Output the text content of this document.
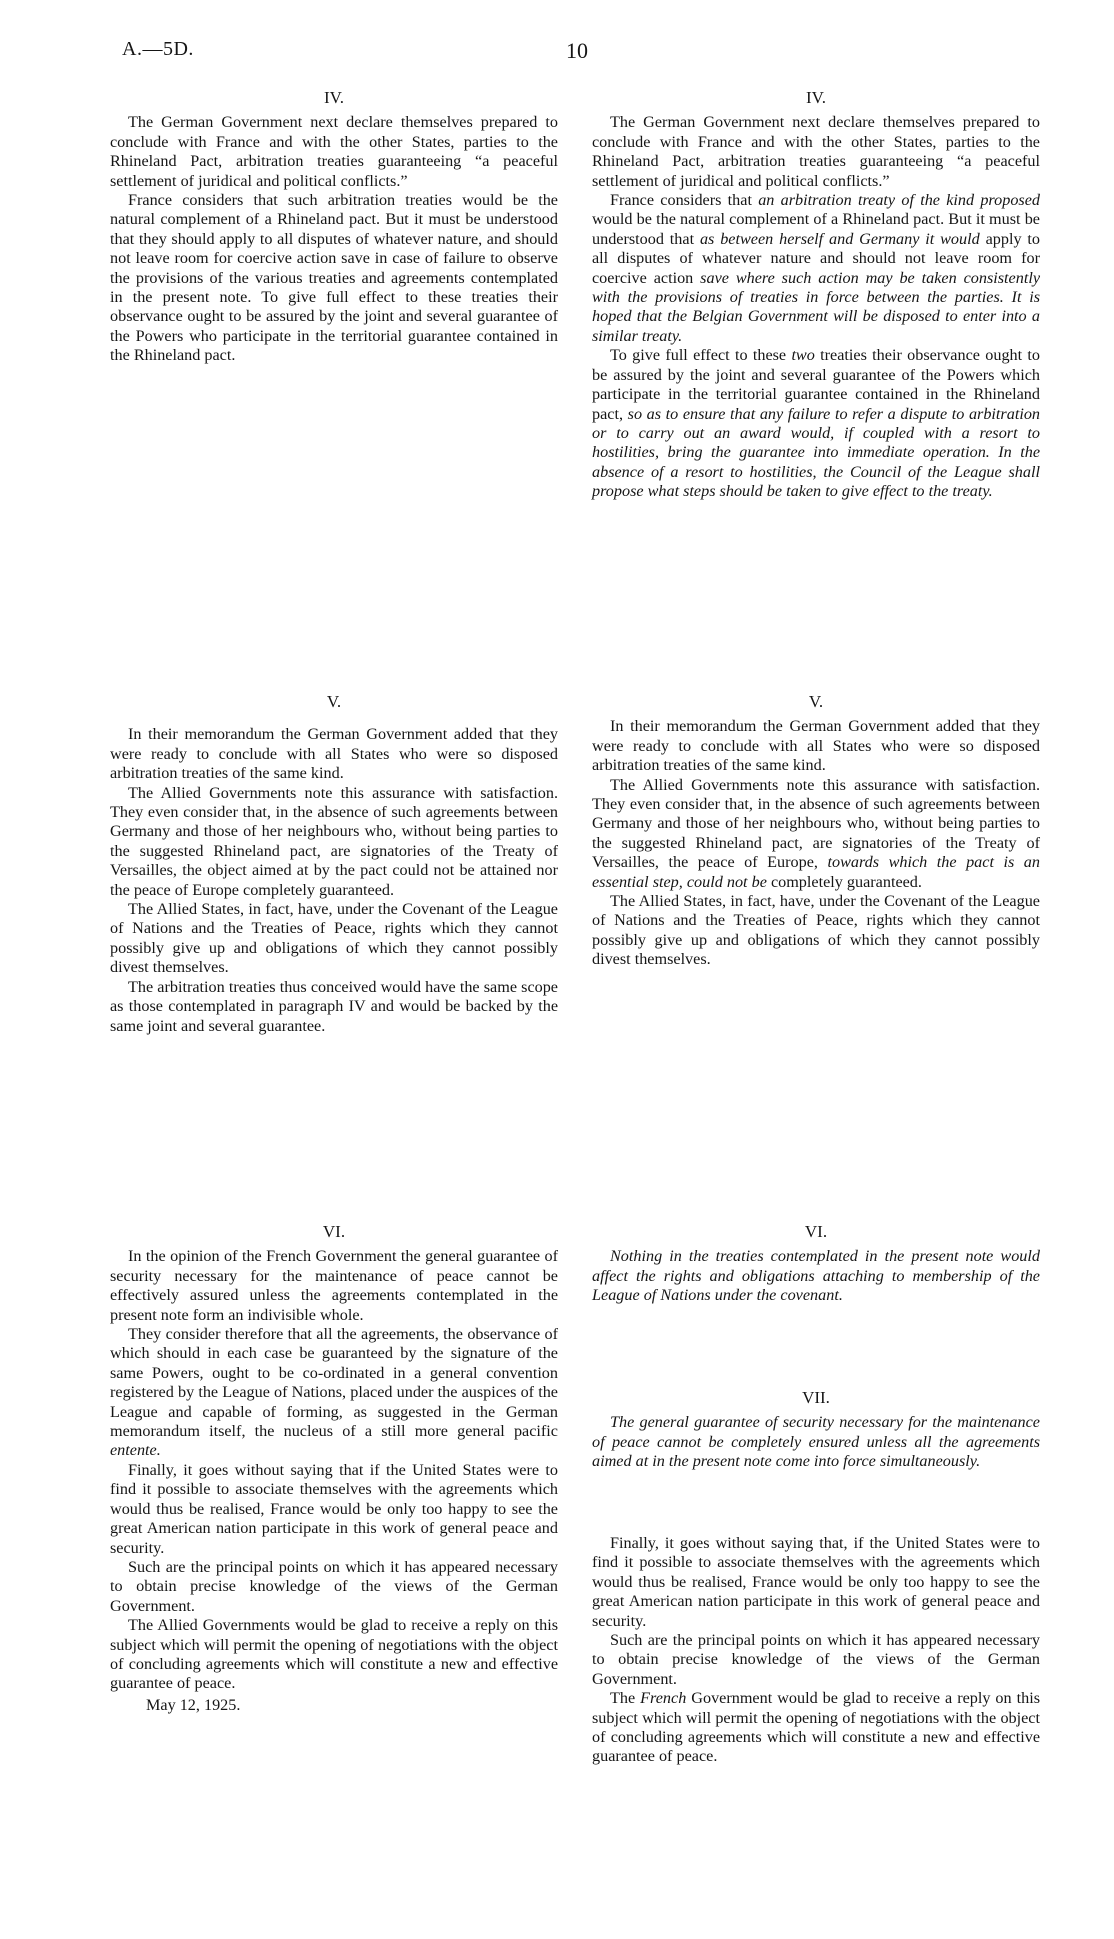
A.—5D.	10
IV.

The German Government next declare themselves prepared to conclude with France and with the other States, parties to the Rhineland Pact, arbitration treaties guaranteeing “a peaceful settlement of juridical and political conflicts.”

France considers that such arbitration treaties would be the natural complement of a Rhineland pact. But it must be understood that they should apply to all disputes of whatever nature, and should not leave room for coercive action save in case of failure to observe the provisions of the various treaties and agreements contemplated in the present note. To give full effect to these treaties their observance ought to be assured by the joint and several guarantee of the Powers who participate in the territorial guarantee contained in the Rhineland pact.

V.

In their memorandum the German Government added that they were ready to conclude with all States who were so disposed arbitration treaties of the same kind.

The Allied Governments note this assurance with satisfaction. They even consider that, in the absence of such agreements between Germany and those of her neighbours who, without being parties to the suggested Rhineland pact, are signatories of the Treaty of Versailles, the object aimed at by the pact could not be attained nor the peace of Europe completely guaranteed.

The Allied States, in fact, have, under the Covenant of the League of Nations and the Treaties of Peace, rights which they cannot possibly give up and obligations of which they cannot possibly divest themselves.

The arbitration treaties thus conceived would have the same scope as those contemplated in paragraph IV and would be backed by the same joint and several guarantee.

VI.

In the opinion of the French Government the general guarantee of security necessary for the maintenance of peace cannot be effectively assured unless the agreements contemplated in the present note form an indivisible whole.

They consider therefore that all the agreements, the observance of which should in each case be guaranteed by the signature of the same Powers, ought to be co-ordinated in a general convention registered by the League of Nations, placed under the auspices of the League and capable of forming, as suggested in the German memorandum itself, the nucleus of a still more general pacific entente.

Finally, it goes without saying that if the United States were to find it possible to associate themselves with the agreements which would thus be realised, France would be only too happy to see the great American nation participate in this work of general peace and security.

Such are the principal points on which it has appeared necessary to obtain precise knowledge of the views of the German Government.

The Allied Governments would be glad to receive a reply on this subject which will permit the opening of negotiations with the object of concluding agreements which will constitute a new and effective guarantee of peace.

May 12, 1925.

IV.

The German Government next declare themselves prepared to conclude with France and with the other States, parties to the Rhineland Pact, arbitration treaties guaranteeing “a peaceful settlement of juridical and political conflicts.”

France considers that an arbitration treaty of the kind proposed would be the natural complement of a Rhineland pact. But it must be understood that as between herself and Germany it would apply to all disputes of whatever nature and should not leave room for coercive action save where such action may be taken consistently with the provisions of treaties in force between the parties. It is hoped that the Belgian Government will be disposed to enter into a similar treaty.

To give full effect to these two treaties their observance ought to be assured by the joint and several guarantee of the Powers which participate in the territorial guarantee contained in the Rhineland pact, so as to ensure that any failure to refer a dispute to arbitration or to carry out an award would, if coupled with a resort to hostilities, bring the guarantee into immediate operation. In the absence of a resort to hostilities, the Council of the League shall propose what steps should be taken to give effect to the treaty.

V.

In their memorandum the German Government added that they were ready to conclude with all States who were so disposed arbitration treaties of the same kind.

The Allied Governments note this assurance with satisfaction. They even consider that, in the absence of such agreements between Germany and those of her neighbours who, without being parties to the suggested Rhineland pact, are signatories of the Treaty of Versailles, the peace of Europe, towards which the pact is an essential step, could not be completely guaranteed.

The Allied States, in fact, have, under the Covenant of the League of Nations and the Treaties of Peace, rights which they cannot possibly give up and obligations of which they cannot possibly divest themselves.

VI.

Nothing in the treaties contemplated in the present note would affect the rights and obligations attaching to membership of the League of Nations under the covenant.

VII.

The general guarantee of security necessary for the maintenance of peace cannot be completely ensured unless all the agreements aimed at in the present note come into force simultaneously.

Finally, it goes without saying that, if the United States were to find it possible to associate themselves with the agreements which would thus be realised, France would be only too happy to see the great American nation participate in this work of general peace and security.

Such are the principal points on which it has appeared necessary to obtain precise knowledge of the views of the German Government.

The French Government would be glad to receive a reply on this subject which will permit the opening of negotiations with the object of concluding agreements which will constitute a new and effective guarantee of peace.
